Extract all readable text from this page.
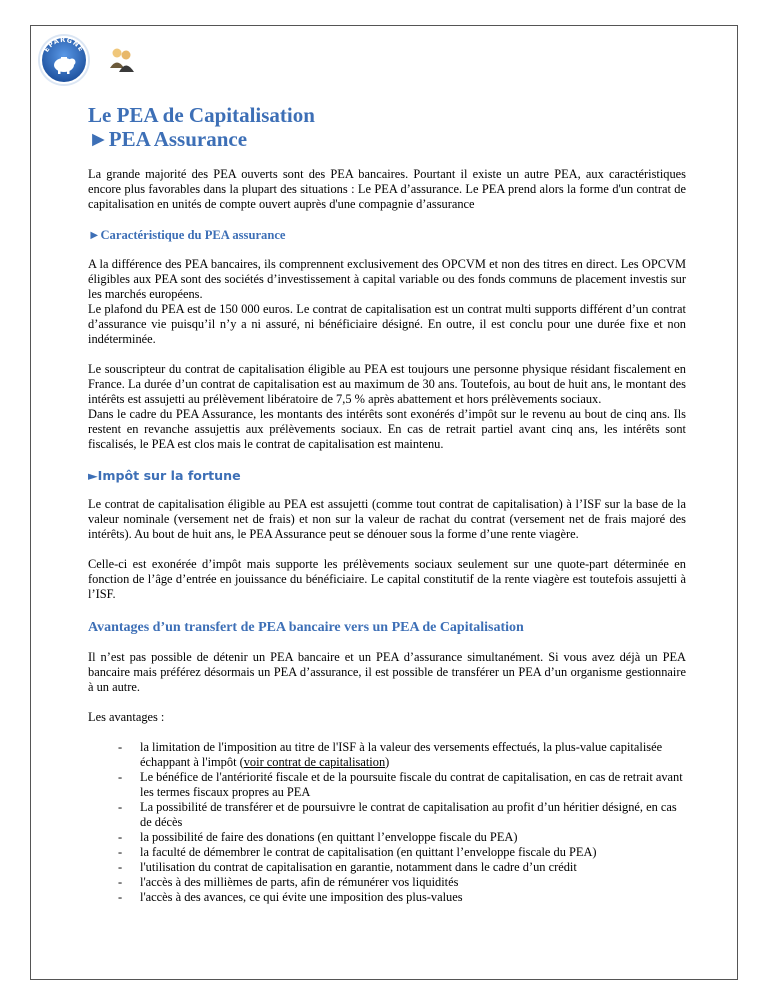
ÉPARGNE
Le PEA de Capitalisation
►PEA Assurance

La grande majorité des PEA ouverts sont des PEA bancaires. Pourtant il existe un autre PEA, aux caractéristiques encore plus favorables dans la plupart des situations : Le PEA d’assurance. Le PEA prend alors la forme d'un contrat de capitalisation en unités de compte ouvert auprès d'une compagnie d’assurance

►Caractéristique du PEA assurance

A la différence des PEA bancaires, ils comprennent exclusivement des OPCVM et non des titres en direct. Les OPCVM éligibles aux PEA sont des sociétés d’investissement à capital variable ou des fonds communs de placement investis sur les marchés européens.

Le plafond du PEA est de 150 000 euros. Le contrat de capitalisation est un contrat multi supports différent d’un contrat d’assurance vie puisqu’il n’y a ni assuré, ni bénéficiaire désigné. En outre, il est conclu pour une durée fixe et non indéterminée.

Le souscripteur du contrat de capitalisation éligible au PEA est toujours une personne physique résidant fiscalement en France. La durée d’un contrat de capitalisation est au maximum de 30 ans. Toutefois, au bout de huit ans, le montant des intérêts est assujetti au prélèvement libératoire de 7,5 % après abattement et hors prélèvements sociaux.

Dans le cadre du PEA Assurance, les montants des intérêts sont exonérés d’impôt sur le revenu au bout de cinq ans. Ils restent en revanche assujettis aux prélèvements sociaux. En cas de retrait partiel avant cinq ans, les intérêts sont fiscalisés, le PEA est clos mais le contrat de capitalisation est maintenu.

►Impôt sur la fortune

Le contrat de capitalisation éligible au PEA est assujetti (comme tout contrat de capitalisation) à l’ISF sur la base de la valeur nominale (versement net de frais) et non sur la valeur de rachat du contrat (versement net de frais majoré des intérêts). Au bout de huit ans, le PEA Assurance peut se dénouer sous la forme d’une rente viagère.

Celle-ci est exonérée d’impôt mais supporte les prélèvements sociaux seulement sur une quote-part déterminée en fonction de l’âge d’entrée en jouissance du bénéficiaire. Le capital constitutif de la rente viagère est toutefois assujetti à l’ISF.

Avantages d’un transfert de PEA bancaire vers un PEA de Capitalisation

Il n’est pas possible de détenir un PEA bancaire et un PEA d’assurance simultanément. Si vous avez déjà un PEA bancaire mais préférez désormais un PEA d’assurance, il est possible de transférer un PEA d’un organisme gestionnaire à un autre.

Les avantages :

- la limitation de l'imposition au titre de l'ISF à la valeur des versements effectués, la plus-value capitalisée échappant à l'impôt (voir contrat de capitalisation)
- Le bénéfice de l'antériorité fiscale et de la poursuite fiscale du contrat de capitalisation, en cas de retrait avant les termes fiscaux propres au PEA
- La possibilité de transférer et de poursuivre le contrat de capitalisation au profit d’un héritier désigné, en cas de décès
- la possibilité de faire des donations (en quittant l’enveloppe fiscale du PEA)
- la faculté de démembrer le contrat de capitalisation (en quittant l’enveloppe fiscale du PEA)
- l'utilisation du contrat de capitalisation en garantie, notamment dans le cadre d’un crédit
- l'accès à des millièmes de parts, afin de rémunérer vos liquidités
- l'accès à des avances, ce qui évite une imposition des plus-values
